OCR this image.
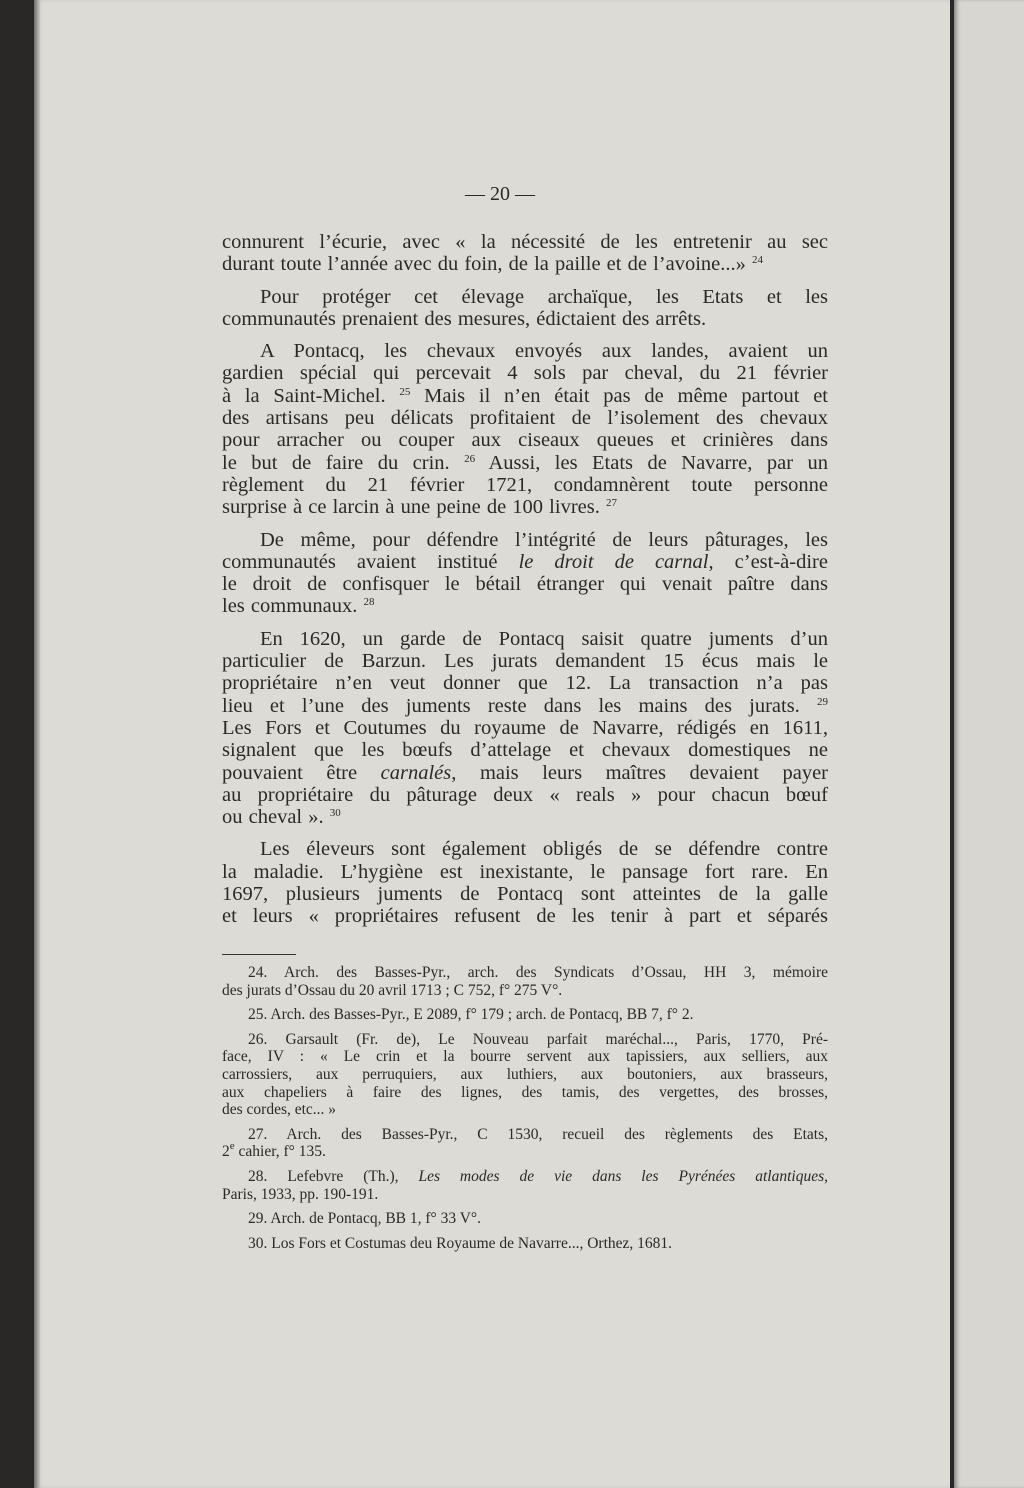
— 20 —
connurent l’écurie, avec « la nécessité de les entretenir au sec
durant toute l’année avec du foin, de la paille et de l’avoine...» $^{24}$
Pour protéger cet élevage archaïque, les Etats et les
communautés prenaient des mesures, édictaient des arrêts.
A Pontacq, les chevaux envoyés aux landes, avaient un
gardien spécial qui percevait 4 sols par cheval, du 21 février
à la Saint-Michel. $^{25}$ Mais il n’en était pas de même partout et
des artisans peu délicats profitaient de l’isolement des chevaux
pour arracher ou couper aux ciseaux queues et crinières dans
le but de faire du crin. $^{26}$ Aussi, les Etats de Navarre, par un
règlement du 21 février 1721, condamnèrent toute personne
surprise à ce larcin à une peine de 100 livres. $^{27}$
De même, pour défendre l’intégrité de leurs pâturages, les
communautés avaient institué le droit de carnal, c’est-à-dire
le droit de confisquer le bétail étranger qui venait paître dans
les communaux. $^{28}$
En 1620, un garde de Pontacq saisit quatre juments d’un
particulier de Barzun. Les jurats demandent 15 écus mais le
propriétaire n’en veut donner que 12. La transaction n’a pas
lieu et l’une des juments reste dans les mains des jurats. $^{29}$
Les Fors et Coutumes du royaume de Navarre, rédigés en 1611,
signalent que les bœufs d’attelage et chevaux domestiques ne
pouvaient être carnalés, mais leurs maîtres devaient payer
au propriétaire du pâturage deux « reals » pour chacun bœuf
ou cheval ». $^{30}$
Les éleveurs sont également obligés de se défendre contre
la maladie. L’hygiène est inexistante, le pansage fort rare. En
1697, plusieurs juments de Pontacq sont atteintes de la galle
et leurs « propriétaires refusent de les tenir à part et séparés
24. Arch. des Basses-Pyr., arch. des Syndicats d’Ossau, HH 3, mémoire
des jurats d’Ossau du 20 avril 1713 ; C 752, f° 275 V°.
25. Arch. des Basses-Pyr., E 2089, f° 179 ; arch. de Pontacq, BB 7, f° 2.
26. Garsault (Fr. de), Le Nouveau parfait maréchal..., Paris, 1770, Pré-
face, IV : « Le crin et la bourre servent aux tapissiers, aux selliers, aux
carrossiers, aux perruquiers, aux luthiers, aux boutoniers, aux brasseurs,
aux chapeliers à faire des lignes, des tamis, des vergettes, des brosses,
des cordes, etc... »
27. Arch. des Basses-Pyr., C 1530, recueil des règlements des Etats,
2e cahier, f° 135.
28. Lefebvre (Th.), Les modes de vie dans les Pyrénées atlantiques,
Paris, 1933, pp. 190-191.
29. Arch. de Pontacq, BB 1, f° 33 V°.
30. Los Fors et Costumas deu Royaume de Navarre..., Orthez, 1681.
